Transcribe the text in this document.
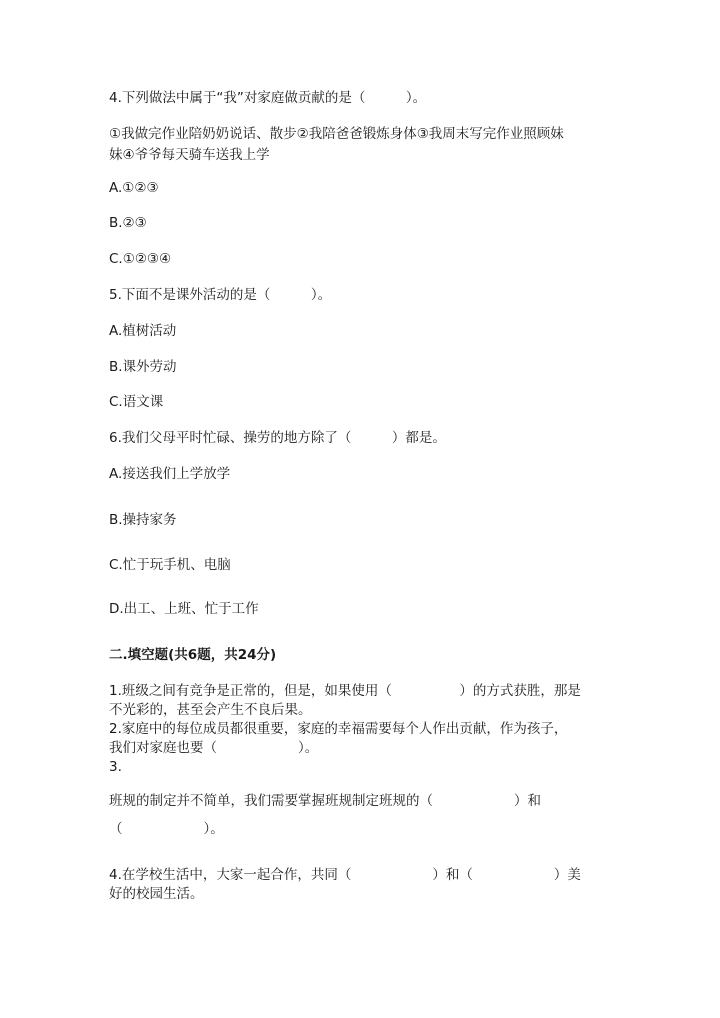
4.下列做法中属于“我”对家庭做贡献的是（　　　）。
①我做完作业陪奶奶说话、散步②我陪爸爸锻炼身体③我周末写完作业照顾妹
妹④爷爷每天骑车送我上学
A.①②③
B.②③
C.①②③④
5.下面不是课外活动的是（　　　）。
A.植树活动
B.课外劳动
C.语文课
6.我们父母平时忙碌、操劳的地方除了（　　　）都是。
A.接送我们上学放学
B.操持家务
C.忙于玩手机、电脑
D.出工、上班、忙于工作
二.填空题(共6题，共24分)
1.班级之间有竞争是正常的，但是，如果使用（　　　　　）的方式获胜，那是
不光彩的，甚至会产生不良后果。
2.家庭中的每位成员都很重要，家庭的幸福需要每个人作出贡献，作为孩子，
我们对家庭也要（　　　　　　）。
3.
班规的制定并不简单，我们需要掌握班规制定班规的（　　　　　　）和
（　　　　　　）。
4.在学校生活中，大家一起合作，共同（　　　　　　）和（　　　　　　）美
好的校园生活。
